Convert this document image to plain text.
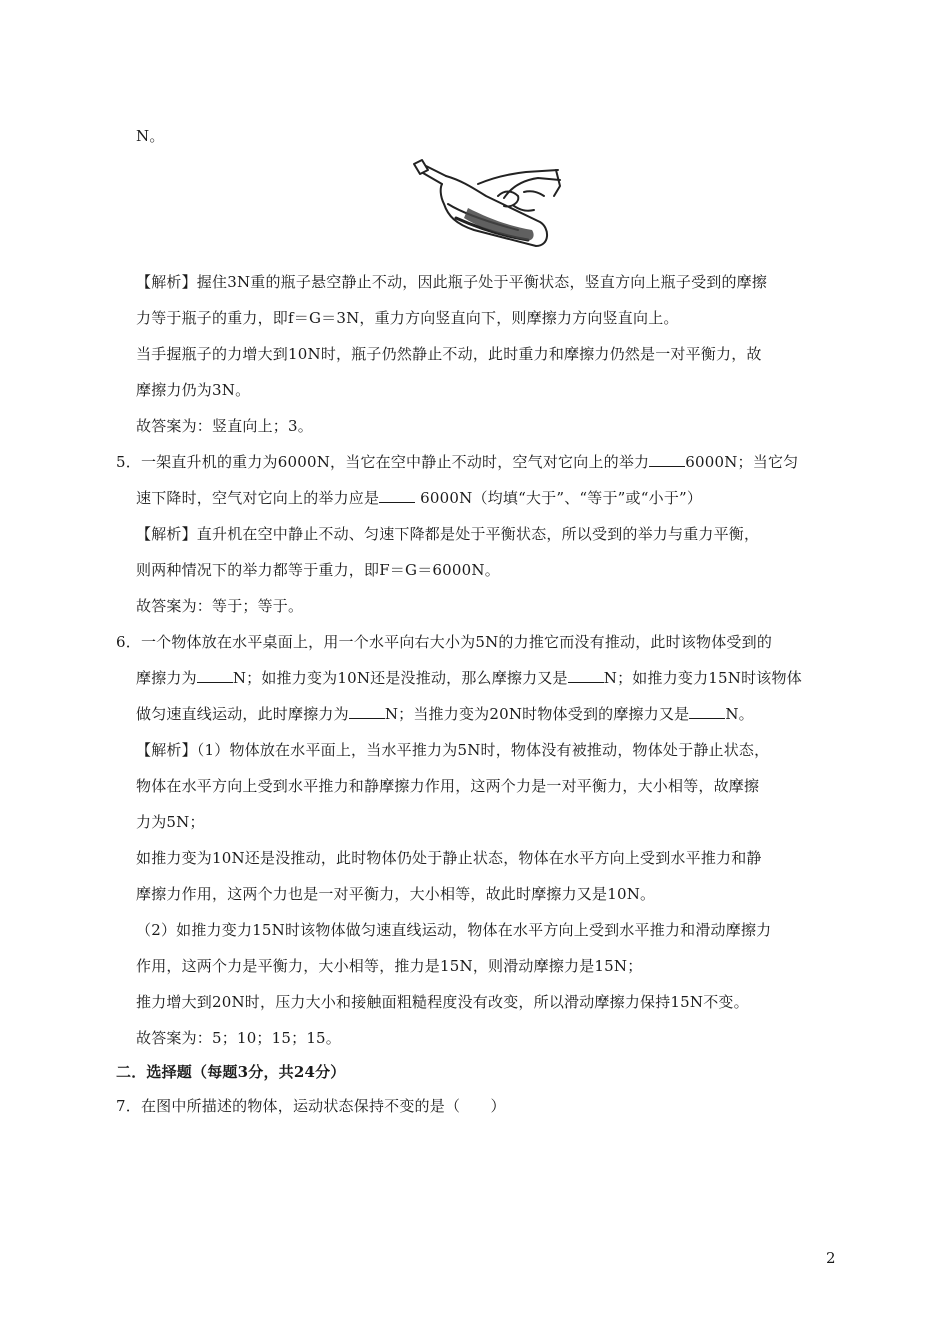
N。
【解析】握住3N重的瓶子悬空静止不动，因此瓶子处于平衡状态，竖直方向上瓶子受到的摩擦
力等于瓶子的重力，即f＝G＝3N，重力方向竖直向下，则摩擦力方向竖直向上。
当手握瓶子的力增大到10N时，瓶子仍然静止不动，此时重力和摩擦力仍然是一对平衡力，故
摩擦力仍为3N。
故答案为：竖直向上；3。
5．一架直升机的重力为6000N，当它在空中静止不动时，空气对它向上的举力 6000N；当它匀
速下降时，空气对它向上的举力应是 6000N（均填“大于”、“等于”或“小于”）
【解析】直升机在空中静止不动、匀速下降都是处于平衡状态，所以受到的举力与重力平衡，
则两种情况下的举力都等于重力，即F＝G＝6000N。
故答案为：等于；等于。
6．一个物体放在水平桌面上，用一个水平向右大小为5N的力推它而没有推动，此时该物体受到的
摩擦力为 N；如推力变为10N还是没推动，那么摩擦力又是 N；如推力变力15N时该物体
做匀速直线运动，此时摩擦力为 N；当推力变为20N时物体受到的摩擦力又是 N。
【解析】（1）物体放在水平面上，当水平推力为5N时，物体没有被推动，物体处于静止状态，
物体在水平方向上受到水平推力和静摩擦力作用，这两个力是一对平衡力，大小相等，故摩擦
力为5N；
如推力变为10N还是没推动，此时物体仍处于静止状态，物体在水平方向上受到水平推力和静
摩擦力作用，这两个力也是一对平衡力，大小相等，故此时摩擦力又是10N。
（2）如推力变力15N时该物体做匀速直线运动，物体在水平方向上受到水平推力和滑动摩擦力
作用，这两个力是平衡力，大小相等，推力是15N，则滑动摩擦力是15N；
推力增大到20N时，压力大小和接触面粗糙程度没有改变，所以滑动摩擦力保持15N不变。
故答案为：5；10；15；15。
二．选择题（每题3分，共24分）
7．在图中所描述的物体，运动状态保持不变的是（　　）
2
